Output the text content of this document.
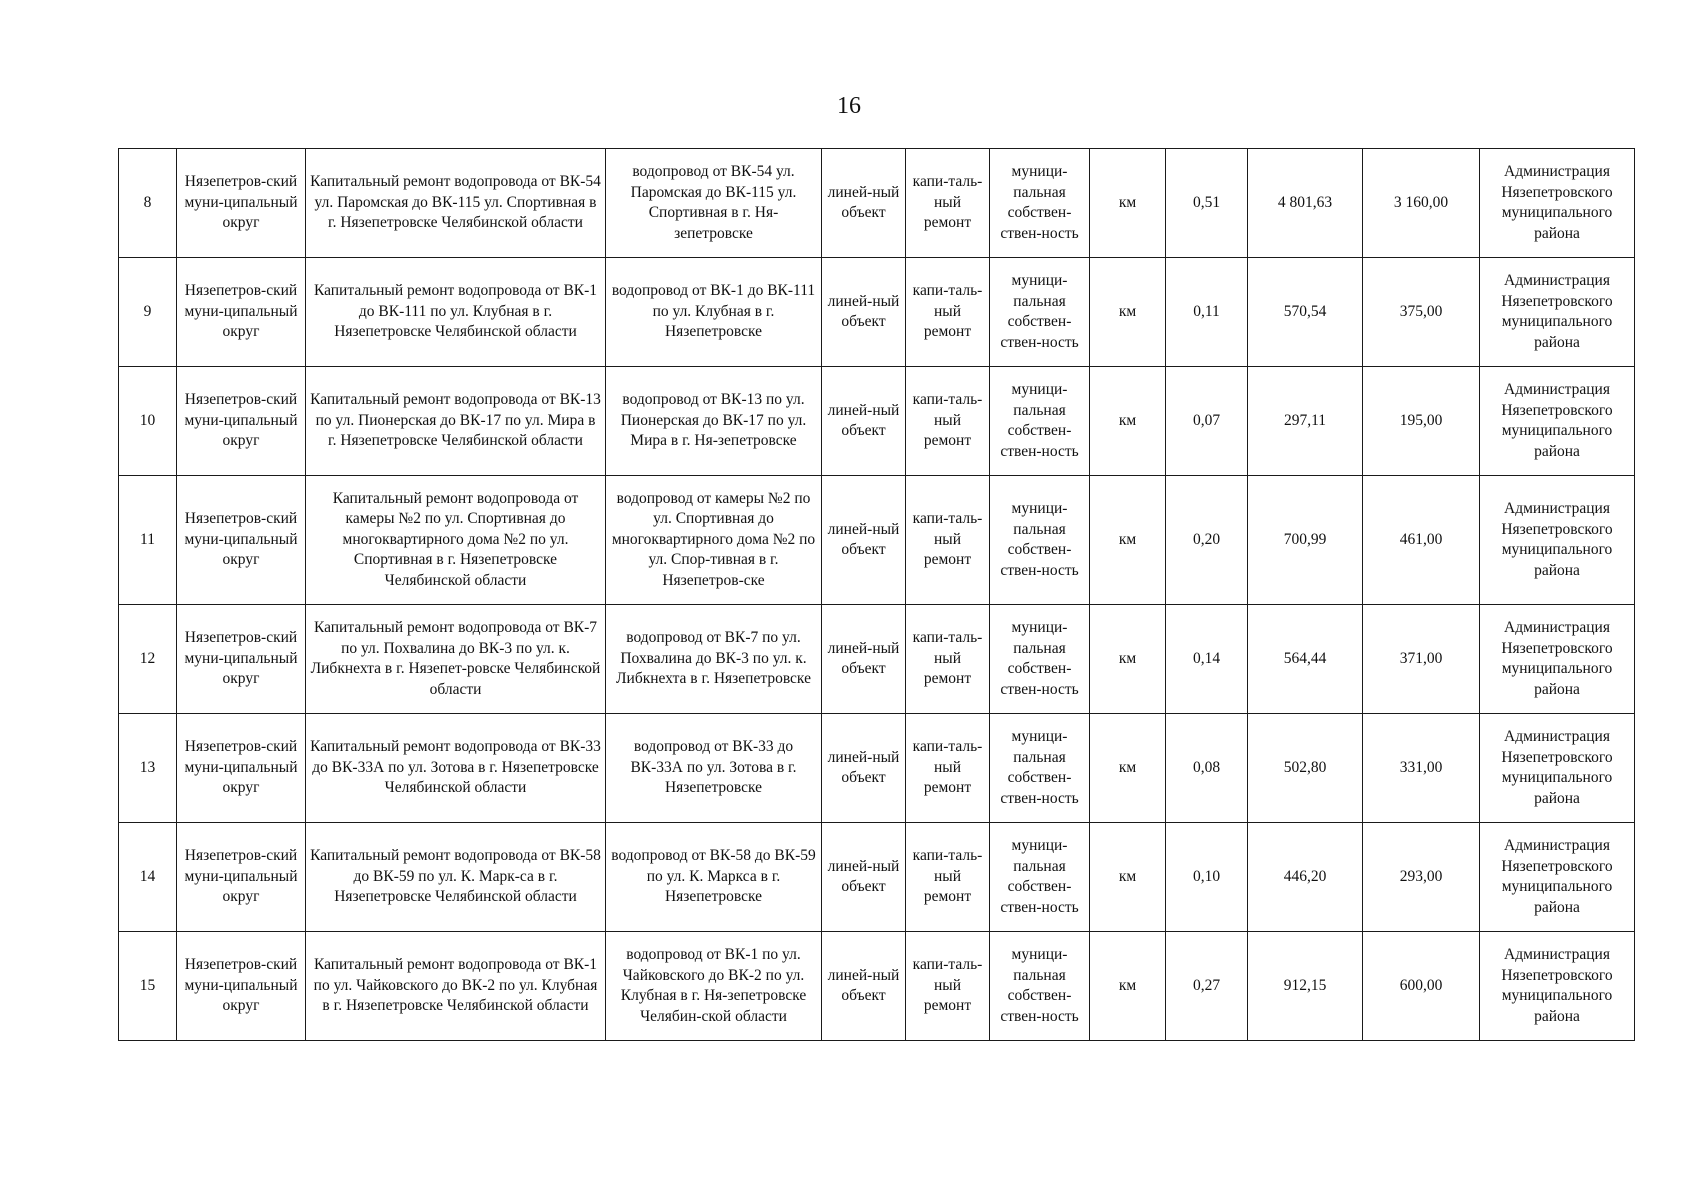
16
8	Нязепетров-ский муни-ципальный округ	Капитальный ремонт водопровода от ВК-54 ул. Паромская до ВК-115 ул. Спортивная в г. Нязепетровске Челябинской области	водопровод от ВК-54 ул. Паромская до ВК-115 ул. Спортивная в г. Ня-зепетровске	линей-ный объект	капи-таль-ный ремонт	муници-пальная собствен-ствен-ность	км	0,51	4 801,63	3 160,00	Администрация Нязепетровского муниципального района
9	Нязепетров-ский муни-ципальный округ	Капитальный ремонт водопровода от ВК-1 до ВК-111 по ул. Клубная в г. Нязепетровске Челябинской области	водопровод от ВК-1 до ВК-111 по ул. Клубная в г. Нязепетровске	линей-ный объект	капи-таль-ный ремонт	муници-пальная собствен-ствен-ность	км	0,11	570,54	375,00	Администрация Нязепетровского муниципального района
10	Нязепетров-ский муни-ципальный округ	Капитальный ремонт водопровода от ВК-13 по ул. Пионерская до ВК-17 по ул. Мира в г. Нязепетровске Челябинской области	водопровод от ВК-13 по ул. Пионерская до ВК-17 по ул. Мира в г. Ня-зепетровске	линей-ный объект	капи-таль-ный ремонт	муници-пальная собствен-ствен-ность	км	0,07	297,11	195,00	Администрация Нязепетровского муниципального района
11	Нязепетров-ский муни-ципальный округ	Капитальный ремонт водопровода от камеры №2 по ул. Спортивная до многоквартирного дома №2 по ул. Спортивная в г. Нязепетровске Челябинской области	водопровод от камеры №2 по ул. Спортивная до многоквартирного дома №2 по ул. Спор-тивная в г. Нязепетров-ске	линей-ный объект	капи-таль-ный ремонт	муници-пальная собствен-ствен-ность	км	0,20	700,99	461,00	Администрация Нязепетровского муниципального района
12	Нязепетров-ский муни-ципальный округ	Капитальный ремонт водопровода от ВК-7 по ул. Похвалина до ВК-3 по ул. к. Либкнехта в г. Нязепет-ровске Челябинской области	водопровод от ВК-7 по ул. Похвалина до ВК-3 по ул. к. Либкнехта в г. Нязепетровске	линей-ный объект	капи-таль-ный ремонт	муници-пальная собствен-ствен-ность	км	0,14	564,44	371,00	Администрация Нязепетровского муниципального района
13	Нязепетров-ский муни-ципальный округ	Капитальный ремонт водопровода от ВК-33 до ВК-33А по ул. Зотова в г. Нязепетровске Челябинской области	водопровод от ВК-33 до ВК-33А по ул. Зотова в г. Нязепетровске	линей-ный объект	капи-таль-ный ремонт	муници-пальная собствен-ствен-ность	км	0,08	502,80	331,00	Администрация Нязепетровского муниципального района
14	Нязепетров-ский муни-ципальный округ	Капитальный ремонт водопровода от ВК-58 до ВК-59 по ул. К. Марк-са в г. Нязепетровске Челябинской области	водопровод от ВК-58 до ВК-59 по ул. К. Маркса в г. Нязепетровске	линей-ный объект	капи-таль-ный ремонт	муници-пальная собствен-ствен-ность	км	0,10	446,20	293,00	Администрация Нязепетровского муниципального района
15	Нязепетров-ский муни-ципальный округ	Капитальный ремонт водопровода от ВК-1 по ул. Чайковского до ВК-2 по ул. Клубная в г. Нязепетровске Челябинской области	водопровод от ВК-1 по ул. Чайковского до ВК-2 по ул. Клубная в г. Ня-зепетровске Челябин-ской области	линей-ный объект	капи-таль-ный ремонт	муници-пальная собствен-ствен-ность	км	0,27	912,15	600,00	Администрация Нязепетровского муниципального района
